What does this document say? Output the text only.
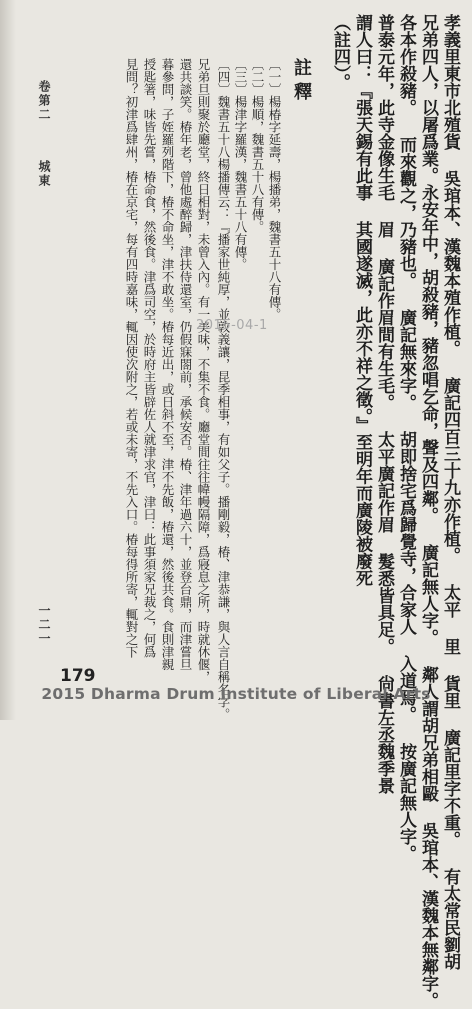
孝義里東市北殖貨 吳琯本、漢魏本殖作植。 廣記四百三十九亦作植。 太平 里 貨里 廣記里字不重。 有太常民劉胡
兄弟四人，以屠爲業。永安年中，胡殺豬，豬忽唱乞命，聲及四鄰。 廣記無人字。 鄰人謂胡兄弟相毆 吳琯本、漢魏本無鄰字。
各本作殺豬。 而來觀之，乃豬也。 廣記無來字。 胡即捨宅爲歸覺寺，合家人 入道焉。 按廣記無人字。
普泰元年，此寺金像生毛 眉 廣記作眉間有生毛。 太平廣記作眉 髮悉皆具足。 尙書左丞魏季景
謂人曰：『張天錫有此事 其國遂滅，此亦不祥之徵。』至明年而廣陵被廢死
（註四）。
註釋
〔一〕楊椿字延壽，楊播弟，魏書五十八有傳。
〔二〕楊順，魏書五十八有傳。
〔三〕楊津字羅漢，魏書五十八有傳。
〔四〕魏書五十八楊播傳云：『播家世純厚，並敦義讓，昆季相事，有如父子。播剛毅，椿、津恭謙，與人言自稱名字。
兄弟旦則聚於廳堂，終日相對，未曾入內。有一美味，不集不食。廳堂間往往幃幔隔障，爲寢息之所，時就休偃，
還共談笑。椿年老，曾他處醉歸，津扶侍還室，仍假寐閤前，承候安否。椿、津年過六十，並登台鼎，而津嘗旦
暮參問，子姪羅列階下，椿不命坐，津不敢坐。椿每近出，或日斜不至，津不先飯，椿還，然後共食。食則津親
授匙箸，味皆先嘗，椿命食，然後食。津爲司空，於時府主皆辟佐人就津求官，津曰：此事須家兄裁之，何爲
見問？初津爲肆州，椿在京宅，每有四時嘉味，輒因使次附之，若或未寄，不先入口。椿每得所寄，輒對之下
卷第二
城東
一二一
179
2015-04-1
2015 Dharma Drum Institute of Liberal Arts
